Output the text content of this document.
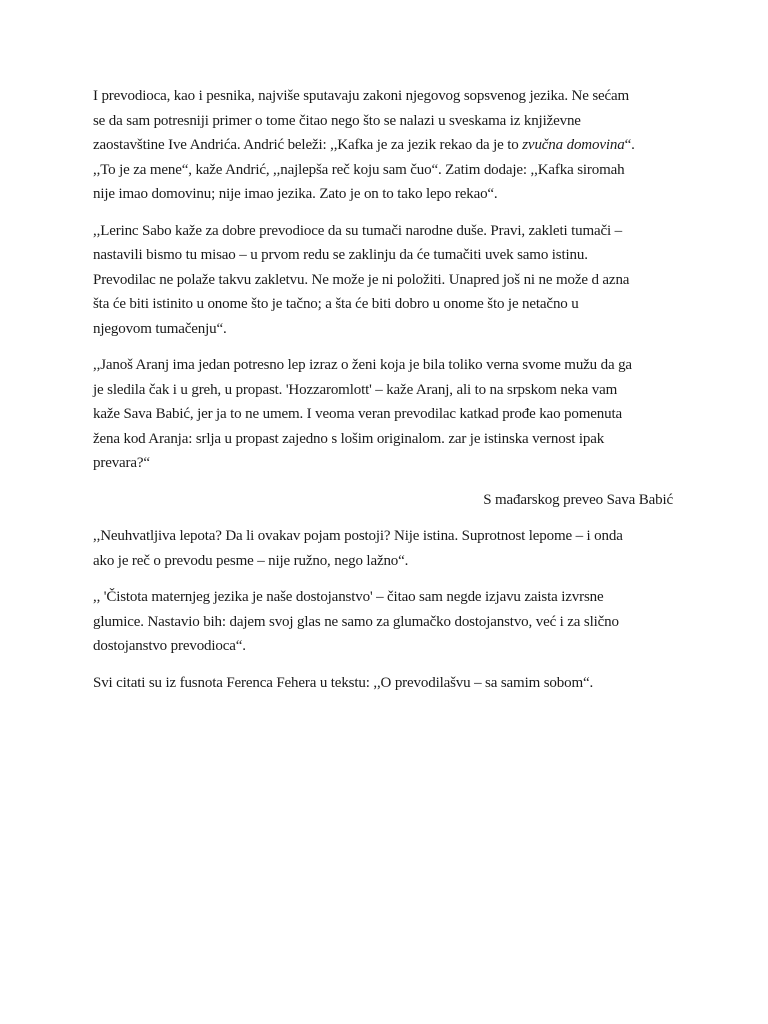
I prevodioca, kao i pesnika, najviše sputavaju zakoni njegovog sopsvenog jezika. Ne sećam
se da sam potresniji primer o tome čitao nego što se nalazi u sveskama iz književne
zaostavštine Ive Andrića. Andrić beleži: ,,Kafka je za jezik rekao da je to zvučna domovina“.
,,To je za mene“, kaže Andrić, ,,najlepša reč koju sam čuo“. Zatim dodaje: ,,Kafka siromah
nije imao domovinu; nije imao jezika. Zato je on to tako lepo rekao“.

,,Lerinc Sabo kaže za dobre prevodioce da su tumači narodne duše. Pravi, zakleti tumači –
nastavili bismo tu misao – u prvom redu se zaklinju da će tumačiti uvek samo istinu.
Prevodilac ne polaže takvu zakletvu. Ne može je ni položiti. Unapred još ni ne može d azna
šta će biti istinito u onome što je tačno; a šta će biti dobro u onome što je netačno u
njegovom tumačenju“.

,,Janoš Aranj ima jedan potresno lep izraz o ženi koja je bila toliko verna svome mužu da ga
je sledila čak i u greh, u propast. 'Hozzaromlott' – kaže Aranj, ali to na srpskom neka vam
kaže Sava Babić, jer ja to ne umem. I veoma veran prevodilac katkad prođe kao pomenuta
žena kod Aranja: srlja u propast zajedno s lošim originalom. zar je istinska vernost ipak
prevara?“

S mađarskog preveo Sava Babić

,,Neuhvatljiva lepota? Da li ovakav pojam postoji? Nije istina. Suprotnost lepome – i onda
ako je reč o prevodu pesme – nije ružno, nego lažno“.

,, 'Čistota maternjeg jezika je naše dostojanstvo' – čitao sam negde izjavu zaista izvrsne
glumice. Nastavio bih: dajem svoj glas ne samo za glumačko dostojanstvo, već i za slično
dostojanstvo prevodioca“.

Svi citati su iz fusnota Ferenca Fehera u tekstu: ,,O prevodilašvu – sa samim sobom“.
